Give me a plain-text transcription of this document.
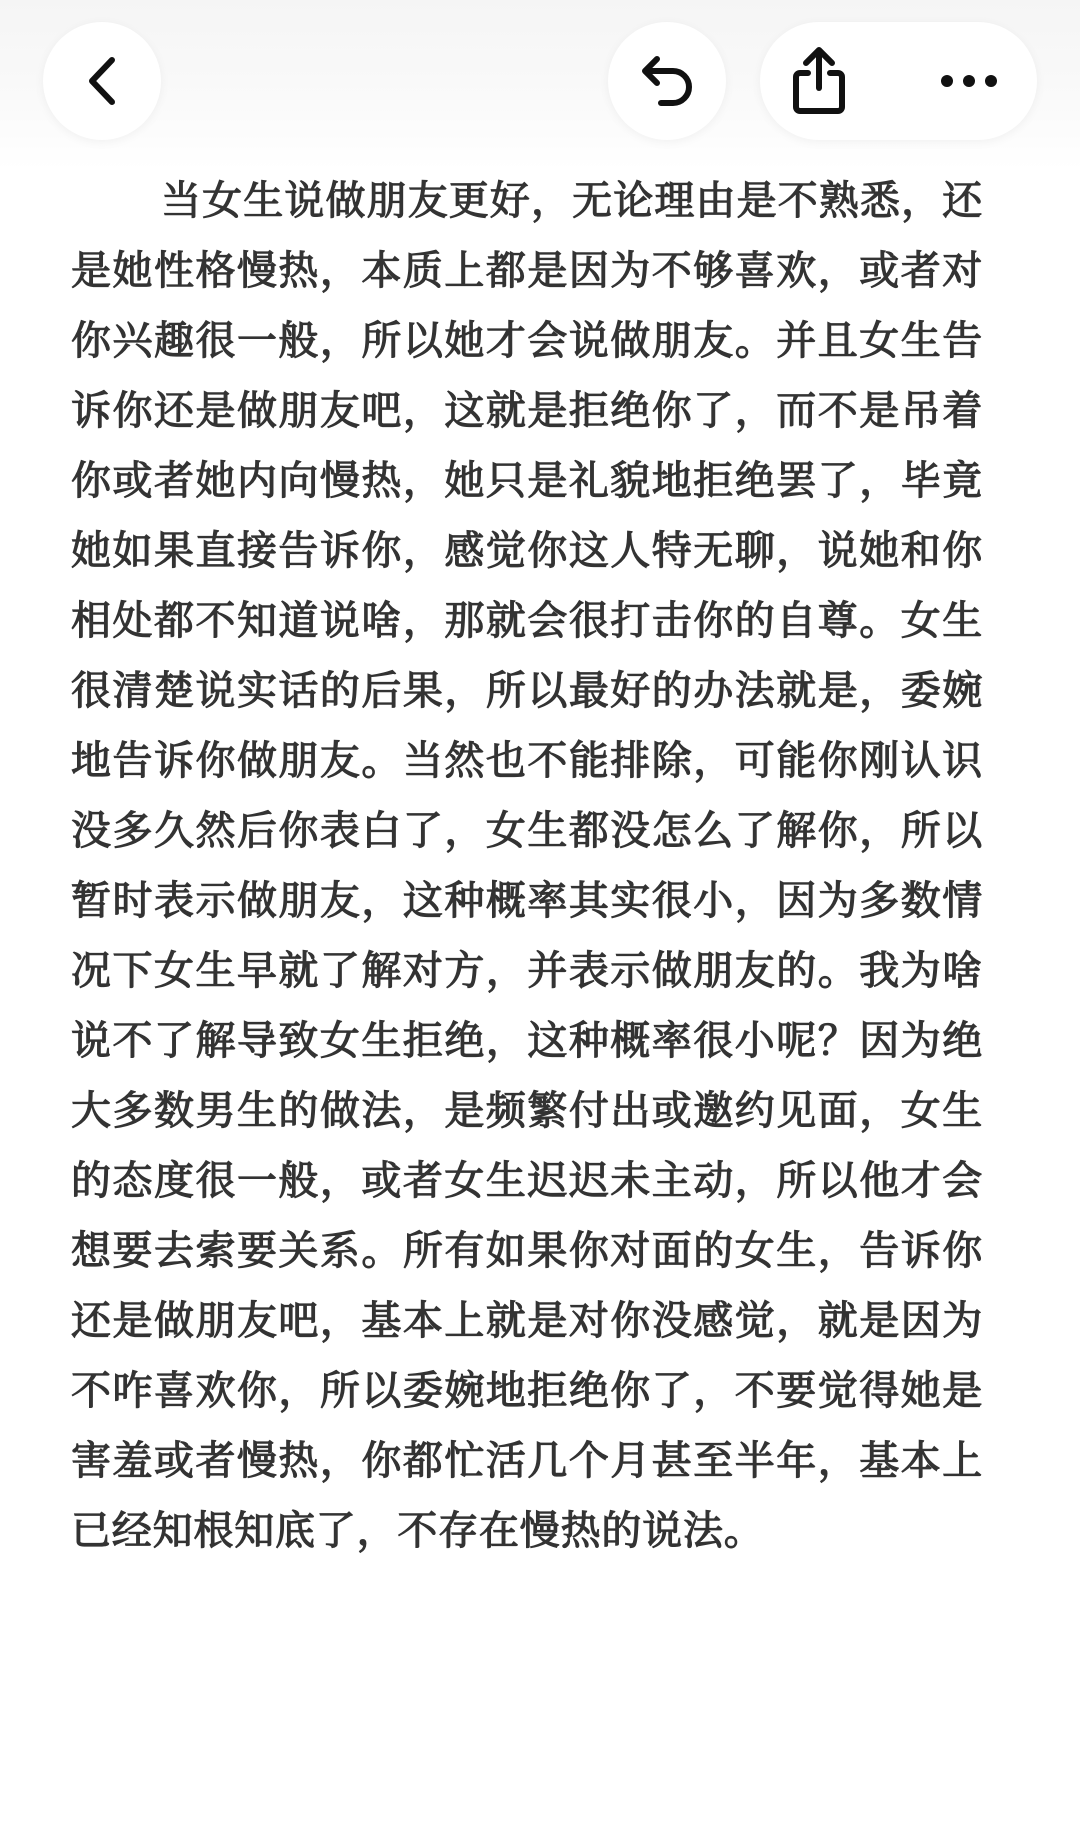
当女生说做朋友更好，无论理由是不熟悉，还是她性格慢热，本质上都是因为不够喜欢，或者对你兴趣很一般，所以她才会说做朋友。并且女生告诉你还是做朋友吧，这就是拒绝你了，而不是吊着你或者她内向慢热，她只是礼貌地拒绝罢了，毕竟她如果直接告诉你，感觉你这人特无聊，说她和你相处都不知道说啥，那就会很打击你的自尊。女生很清楚说实话的后果，所以最好的办法就是，委婉地告诉你做朋友。当然也不能排除，可能你刚认识没多久然后你表白了，女生都没怎么了解你，所以暂时表示做朋友，这种概率其实很小，因为多数情况下女生早就了解对方，并表示做朋友的。我为啥说不了解导致女生拒绝，这种概率很小呢？因为绝大多数男生的做法，是频繁付出或邀约见面，女生的态度很一般，或者女生迟迟未主动，所以他才会想要去索要关系。所有如果你对面的女生，告诉你还是做朋友吧，基本上就是对你没感觉，就是因为不咋喜欢你，所以委婉地拒绝你了，不要觉得她是害羞或者慢热，你都忙活几个月甚至半年，基本上已经知根知底了，不存在慢热的说法。
